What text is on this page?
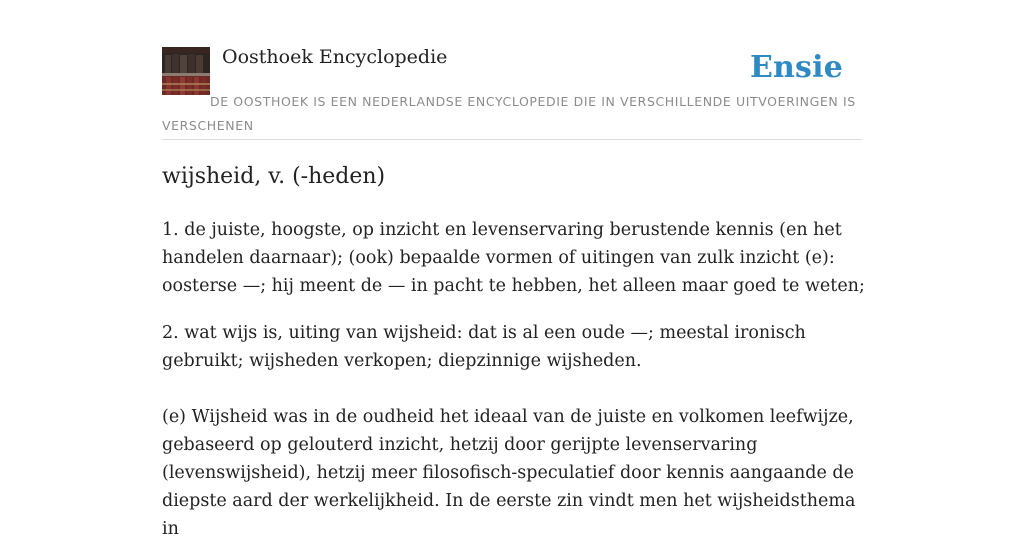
Oosthoek Encyclopedie	Ensie
DE OOSTHOEK IS EEN NEDERLANDSE ENCYCLOPEDIE DIE IN VERSCHILLENDE UITVOERINGEN IS VERSCHENEN
wijsheid, v. (-heden)

1. de juiste, hoogste, op inzicht en levenservaring berustende kennis (en het handelen daarnaar); (ook) bepaalde vormen of uitingen van zulk inzicht (e): oosterse —; hij meent de — in pacht te hebben, het alleen maar goed te weten;

2. wat wijs is, uiting van wijsheid: dat is al een oude —; meestal ironisch gebruikt; wijsheden verkopen; diepzinnige wijsheden.

(e) Wijsheid was in de oudheid het ideaal van de juiste en volkomen leefwijze, gebaseerd op gelouterd inzicht, hetzij door gerijpte levenservaring (levenswijsheid), hetzij meer filosofisch-speculatief door kennis aangaande de diepste aard der werkelijkheid. In de eerste zin vindt men het wijsheidsthema in
